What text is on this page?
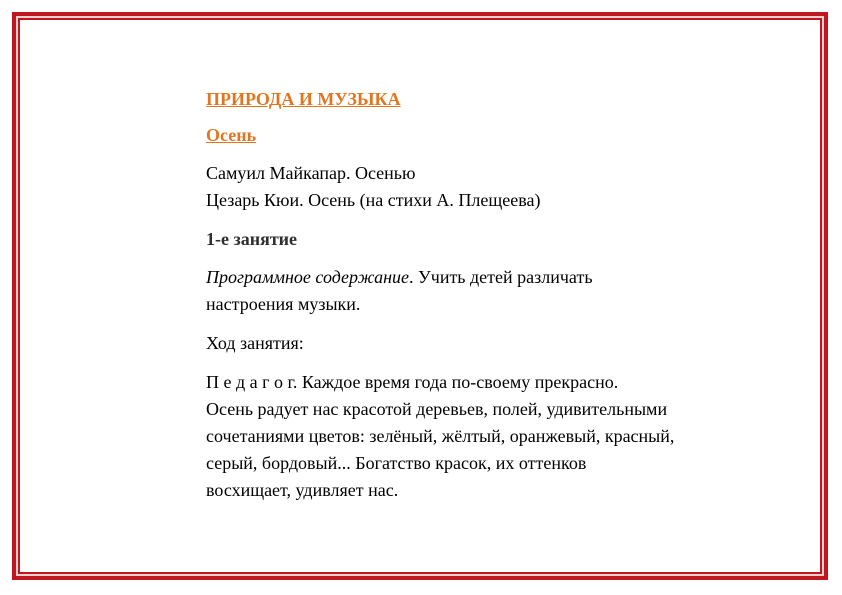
ПРИРОДА И МУЗЫКА

Осень

Самуил Майкапар. Осенью
Цезарь Кюи. Осень (на стихи А. Плещеева)

1-е занятие

Программное содержание. Учить детей различать
настроения музыки.

Ход занятия:

П е д а г о г. Каждое время года по-своему прекрасно.
Осень радует нас красотой деревьев, полей, удивительными
сочетаниями цветов: зелёный, жёлтый, оранжевый, красный,
серый, бордовый... Богатство красок, их оттенков
восхищает, удивляет нас.
